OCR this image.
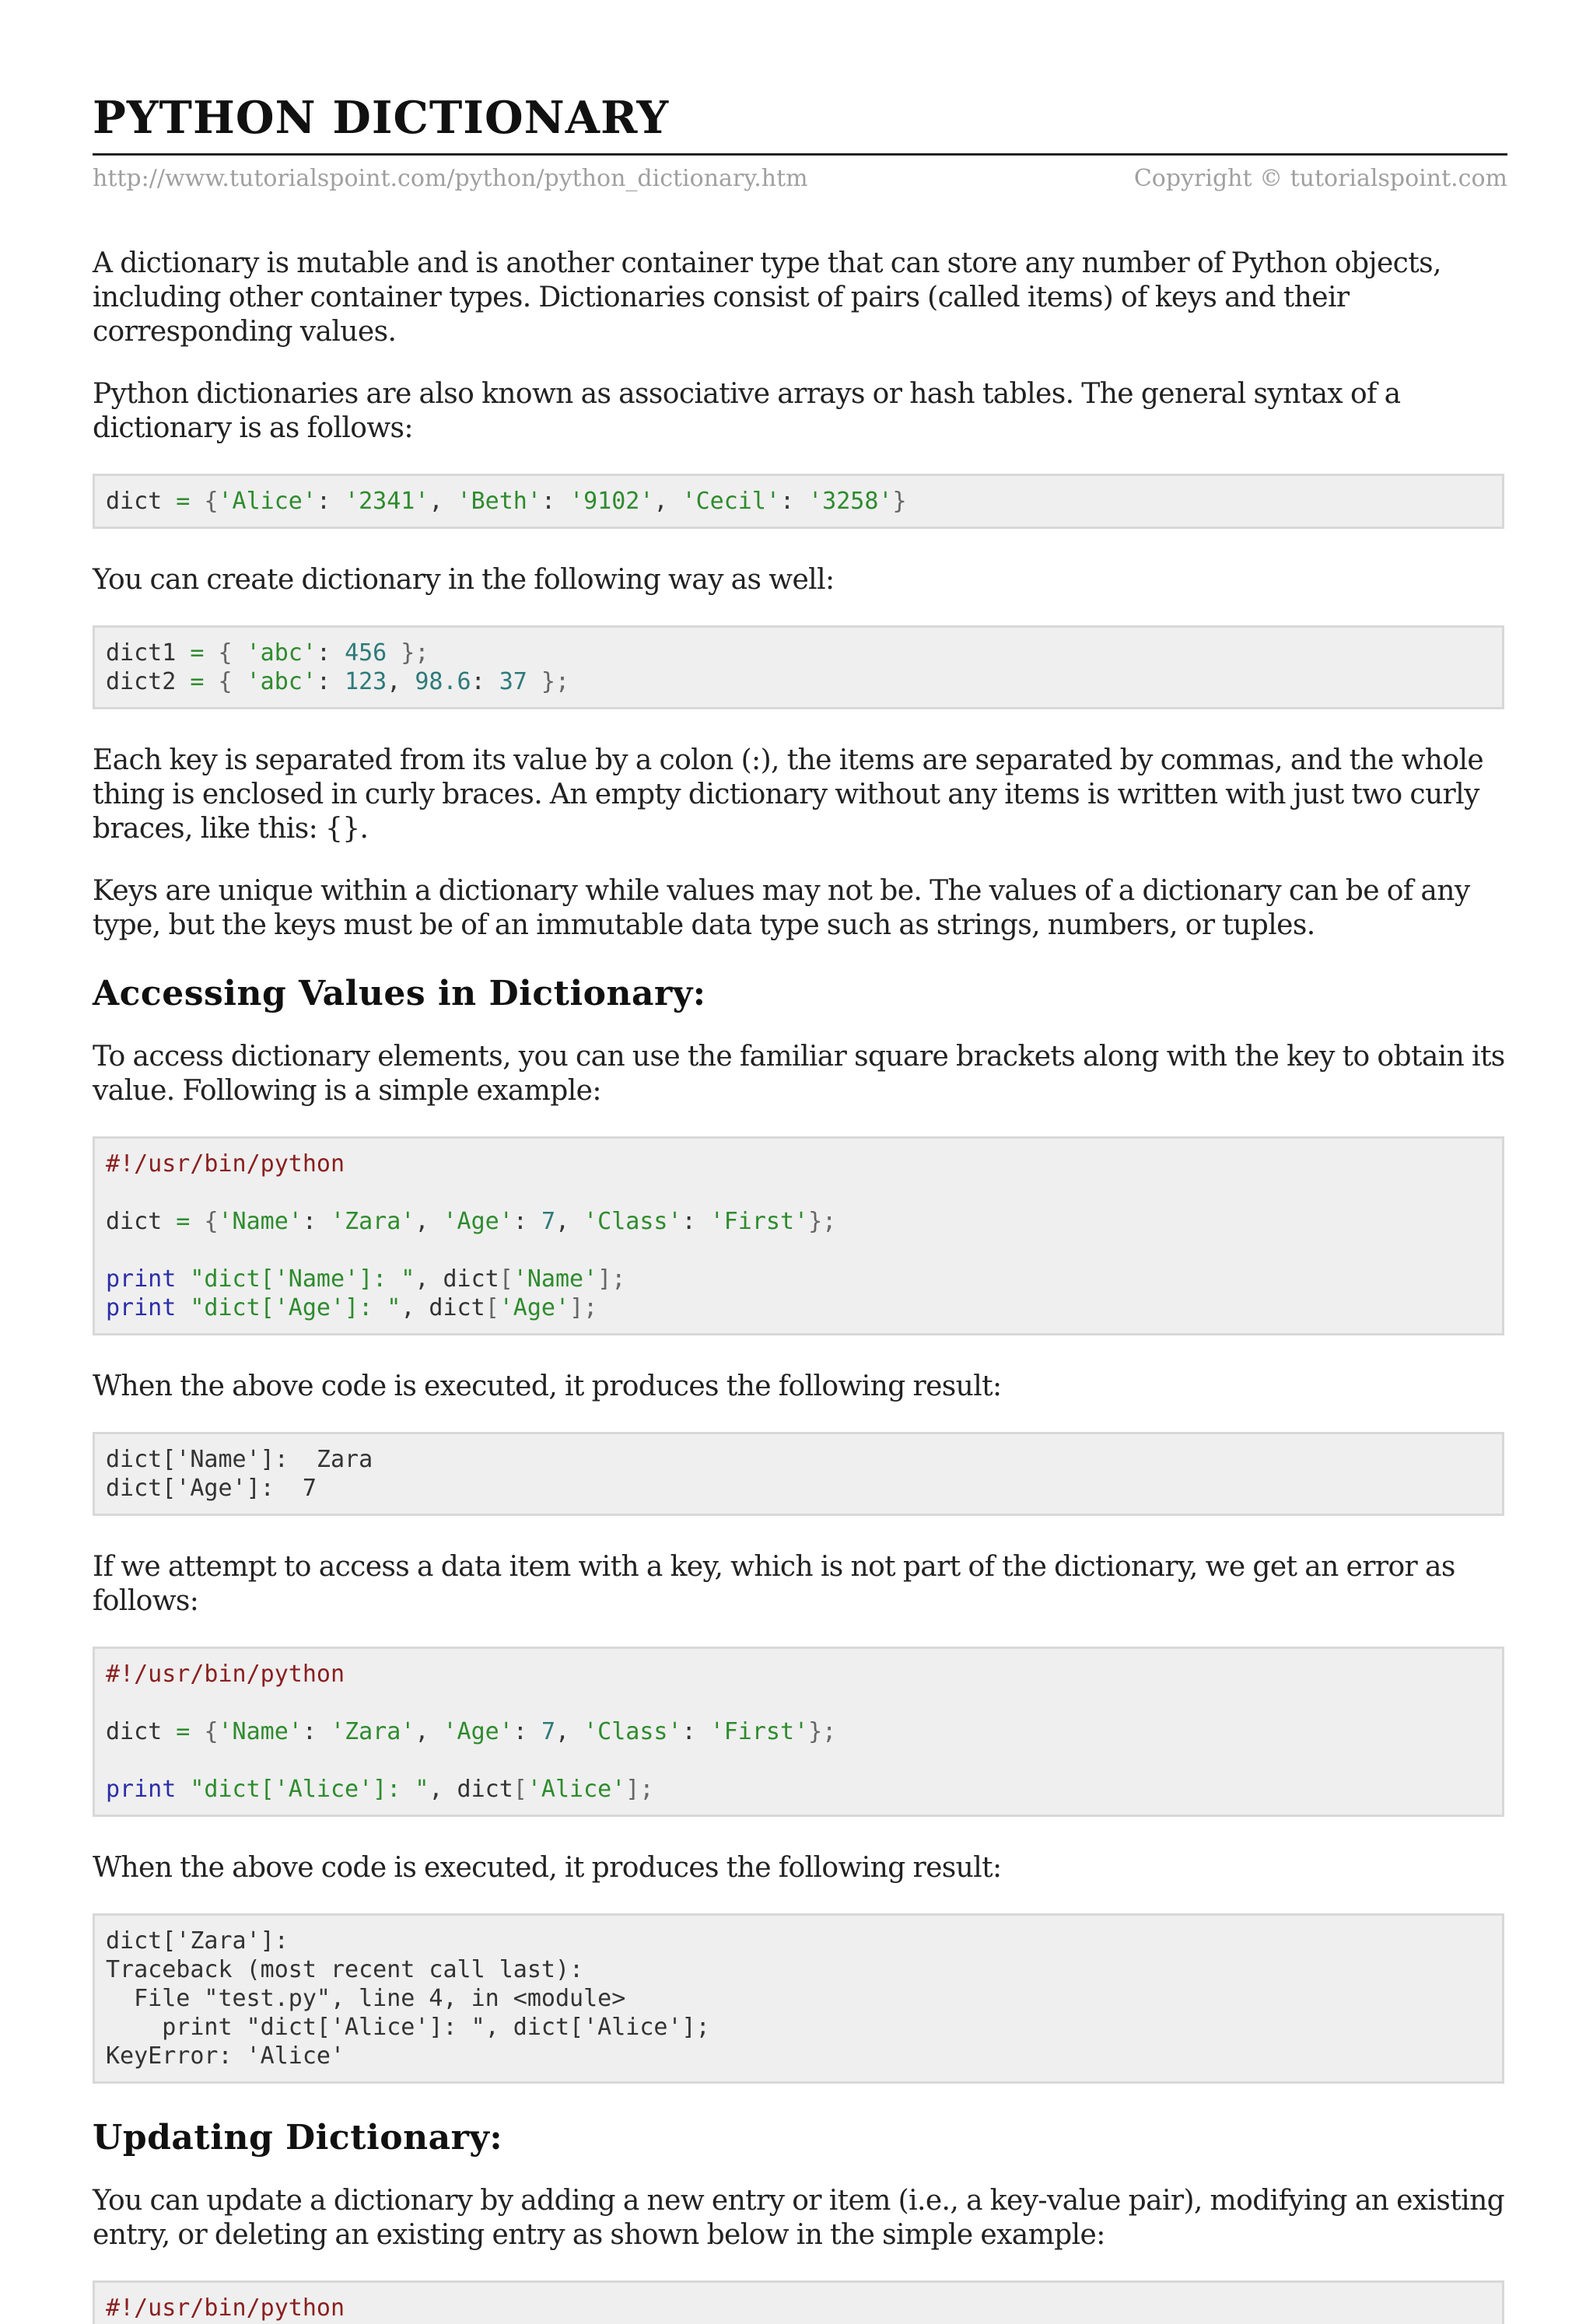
PYTHON DICTIONARY
http://www.tutorialspoint.com/python/python_dictionary.htm	Copyright © tutorialspoint.com

A dictionary is mutable and is another container type that can store any number of Python objects, including other container types. Dictionaries consist of pairs (called items) of keys and their corresponding values.

Python dictionaries are also known as associative arrays or hash tables. The general syntax of a dictionary is as follows:

dict = {'Alice': '2341', 'Beth': '9102', 'Cecil': '3258'}

You can create dictionary in the following way as well:

dict1 = { 'abc': 456 };
dict2 = { 'abc': 123, 98.6: 37 };

Each key is separated from its value by a colon (:), the items are separated by commas, and the whole thing is enclosed in curly braces. An empty dictionary without any items is written with just two curly braces, like this: {}.

Keys are unique within a dictionary while values may not be. The values of a dictionary can be of any type, but the keys must be of an immutable data type such as strings, numbers, or tuples.

Accessing Values in Dictionary:

To access dictionary elements, you can use the familiar square brackets along with the key to obtain its value. Following is a simple example:

#!/usr/bin/python
dict = {'Name': 'Zara', 'Age': 7, 'Class': 'First'};
print "dict['Name']: ", dict['Name'];
print "dict['Age']: ", dict['Age'];

When the above code is executed, it produces the following result:

dict['Name']:  Zara
dict['Age']:  7

If we attempt to access a data item with a key, which is not part of the dictionary, we get an error as follows:

#!/usr/bin/python
dict = {'Name': 'Zara', 'Age': 7, 'Class': 'First'};
print "dict['Alice']: ", dict['Alice'];

When the above code is executed, it produces the following result:

dict['Zara']:
Traceback (most recent call last):
File "test.py", line 4, in <module>
print "dict['Alice']: ", dict['Alice'];
KeyError: 'Alice'
Updating Dictionary:

You can update a dictionary by adding a new entry or item (i.e., a key-value pair), modifying an existing entry, or deleting an existing entry as shown below in the simple example:

#!/usr/bin/python
